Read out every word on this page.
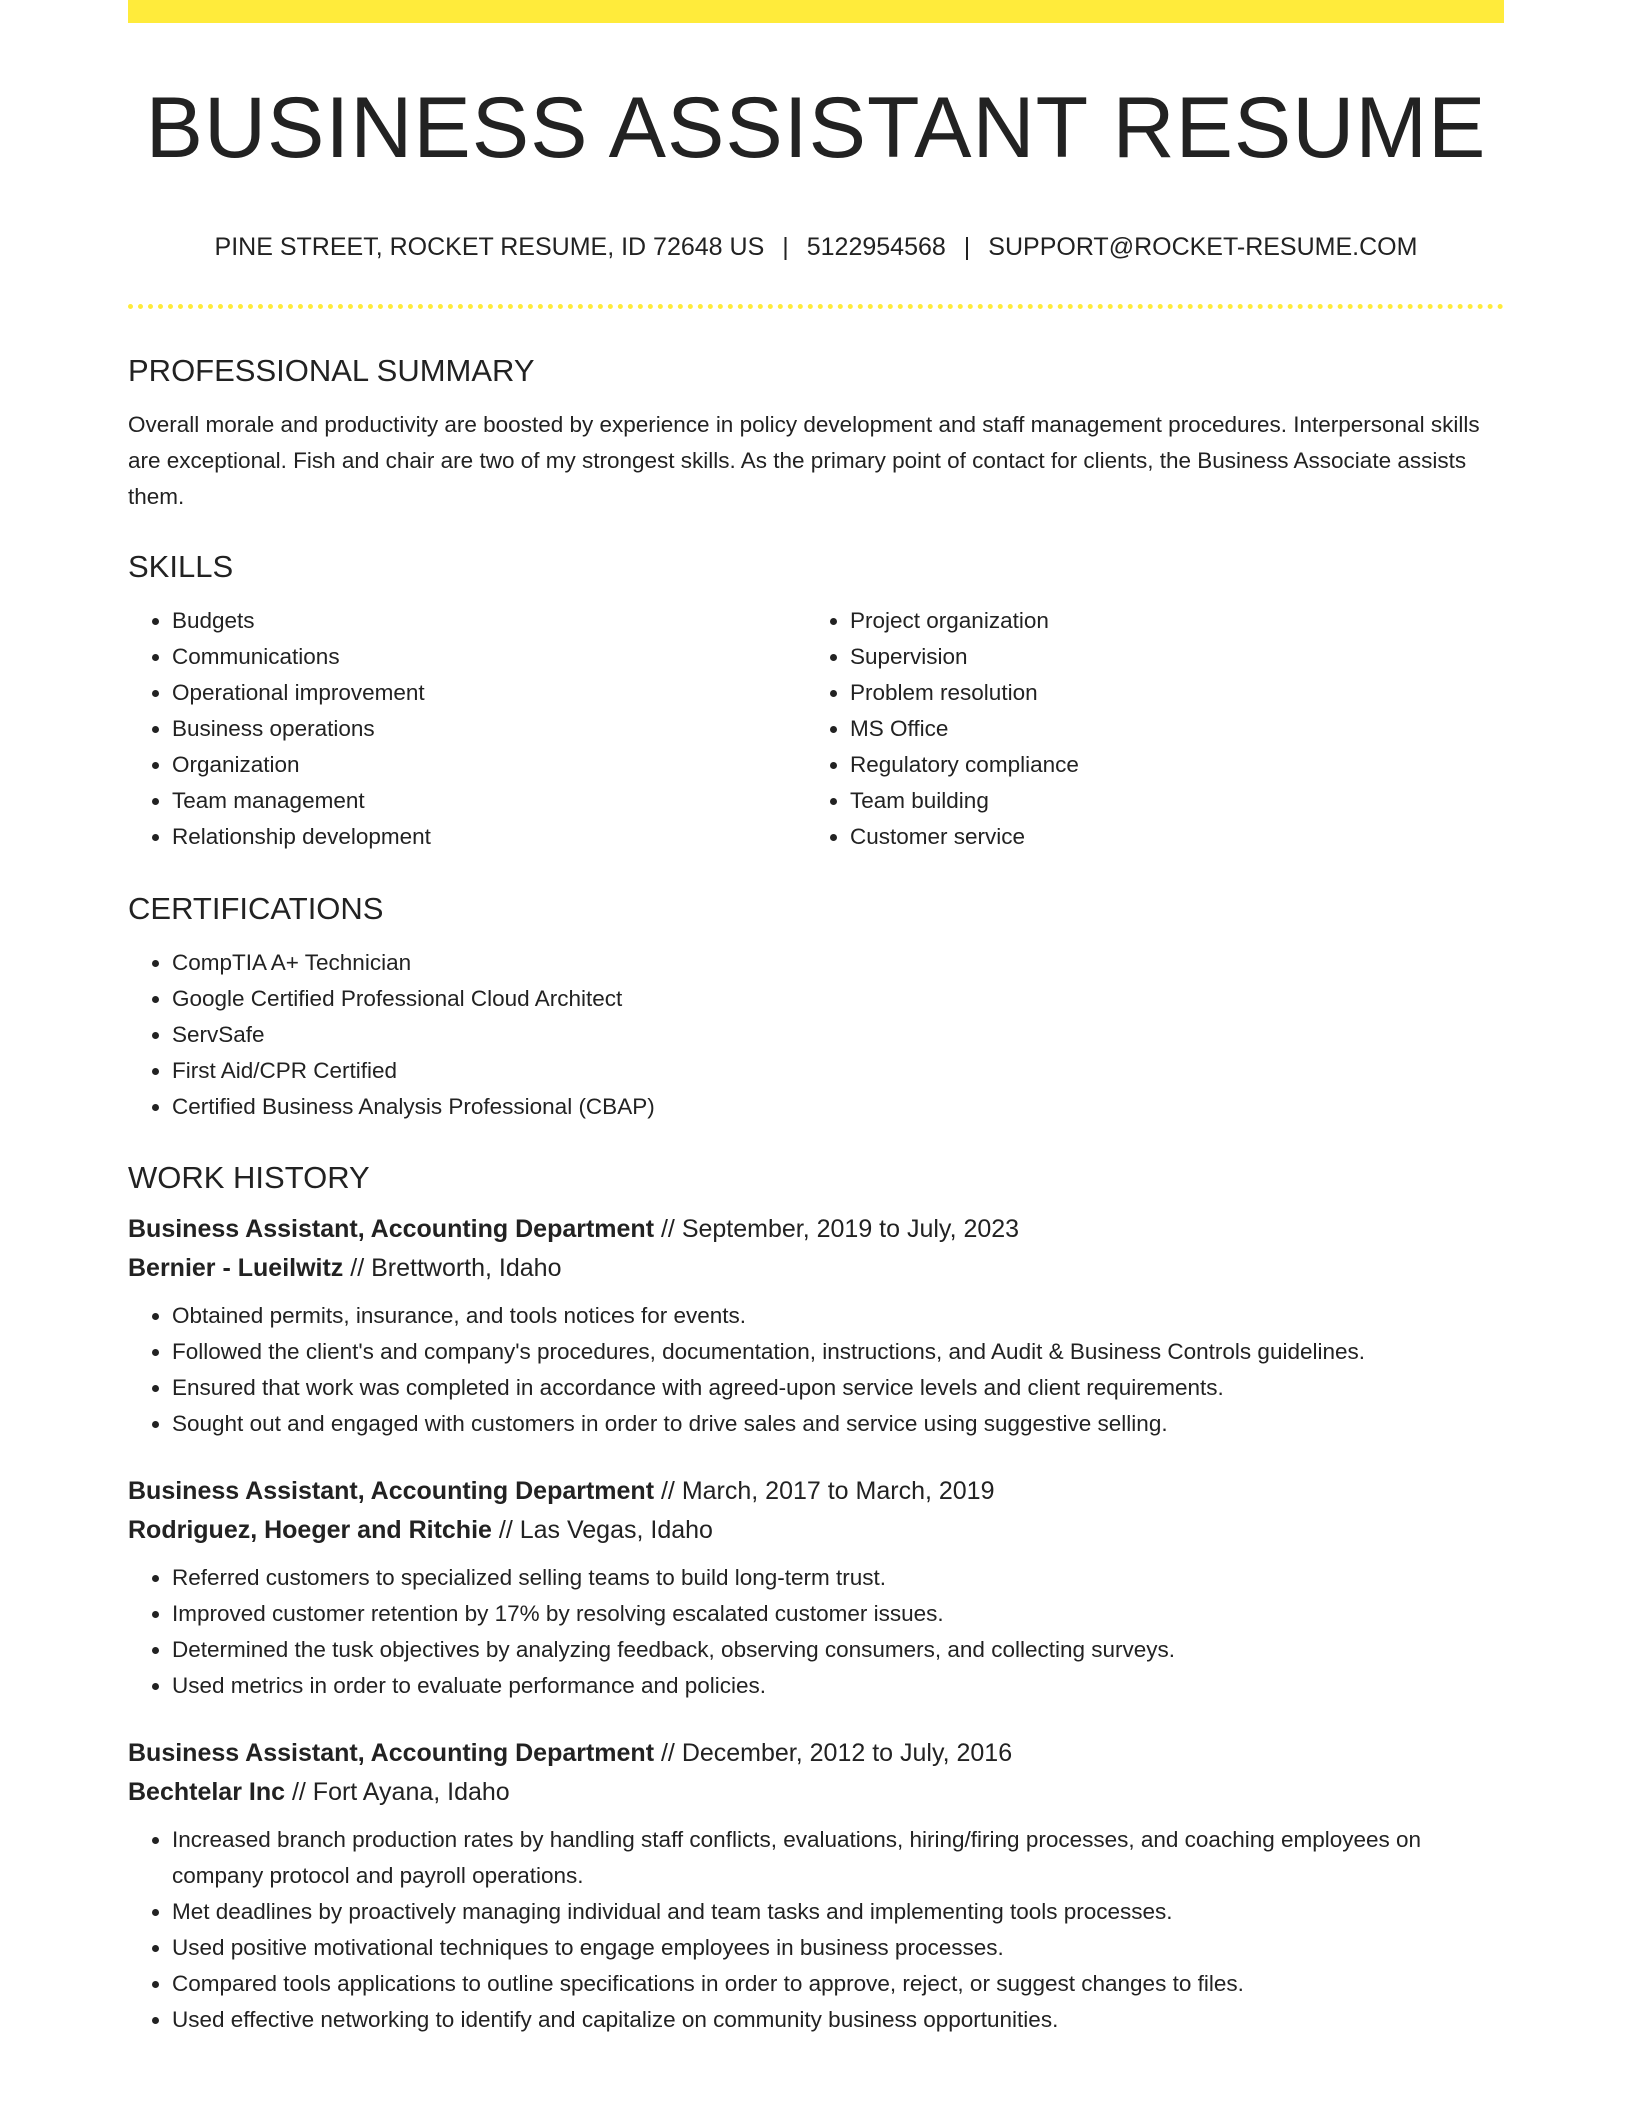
BUSINESS ASSISTANT RESUME
PINE STREET, ROCKET RESUME, ID 72648 US | 5122954568 | SUPPORT@ROCKET-RESUME.COM
PROFESSIONAL SUMMARY

Overall morale and productivity are boosted by experience in policy development and staff management procedures. Interpersonal skills are exceptional. Fish and chair are two of my strongest skills. As the primary point of contact for clients, the Business Associate assists them.

SKILLS
• Budgets
• Communications
• Operational improvement
• Business operations
• Organization
• Team management
• Relationship development
• Project organization
• Supervision
• Problem resolution
• MS Office
• Regulatory compliance
• Team building
• Customer service
CERTIFICATIONS
• CompTIA A+ Technician
• Google Certified Professional Cloud Architect
• ServSafe
• First Aid/CPR Certified
• Certified Business Analysis Professional (CBAP)
WORK HISTORY
Business Assistant, Accounting Department // September, 2019 to July, 2023
Bernier - Lueilwitz // Brettworth, Idaho
• Obtained permits, insurance, and tools notices for events.
• Followed the client's and company's procedures, documentation, instructions, and Audit & Business Controls guidelines.
• Ensured that work was completed in accordance with agreed-upon service levels and client requirements.
• Sought out and engaged with customers in order to drive sales and service using suggestive selling.
Business Assistant, Accounting Department // March, 2017 to March, 2019
Rodriguez, Hoeger and Ritchie // Las Vegas, Idaho
• Referred customers to specialized selling teams to build long-term trust.
• Improved customer retention by 17% by resolving escalated customer issues.
• Determined the tusk objectives by analyzing feedback, observing consumers, and collecting surveys.
• Used metrics in order to evaluate performance and policies.
Business Assistant, Accounting Department // December, 2012 to July, 2016
Bechtelar Inc // Fort Ayana, Idaho
• Increased branch production rates by handling staff conflicts, evaluations, hiring/firing processes, and coaching employees on company protocol and payroll operations.
• Met deadlines by proactively managing individual and team tasks and implementing tools processes.
• Used positive motivational techniques to engage employees in business processes.
• Compared tools applications to outline specifications in order to approve, reject, or suggest changes to files.
• Used effective networking to identify and capitalize on community business opportunities.
